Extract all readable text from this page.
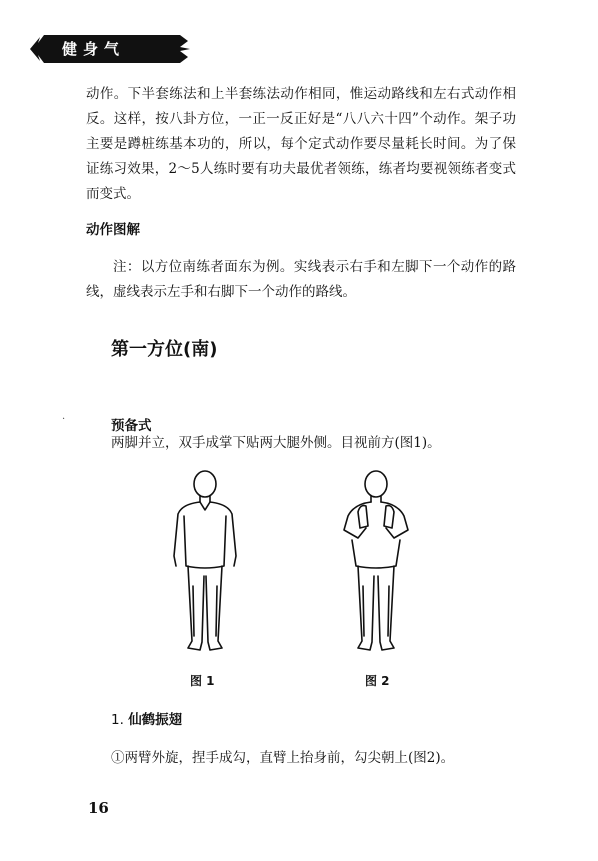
健身气
动作。下半套练法和上半套练法动作相同，惟运动路线和左右式动作相反。这样，按八卦方位，一正一反正好是“八八六十四”个动作。架子功主要是蹲桩练基本功的，所以，每个定式动作要尽量耗长时间。为了保证练习效果，2～5人练时要有功夫最优者领练，练者均要视领练者变式而变式。
动作图解
注：以方位南练者面东为例。实线表示右手和左脚下一个动作的路线，虚线表示左手和右脚下一个动作的路线。
第一方位(南)
·	预备式
两脚并立，双手成掌下贴两大腿外侧。目视前方(图1)。
图 1	图 2
1. 仙鹤振翅
①两臂外旋，捏手成勾，直臂上抬身前，勾尖朝上(图2)。
16
